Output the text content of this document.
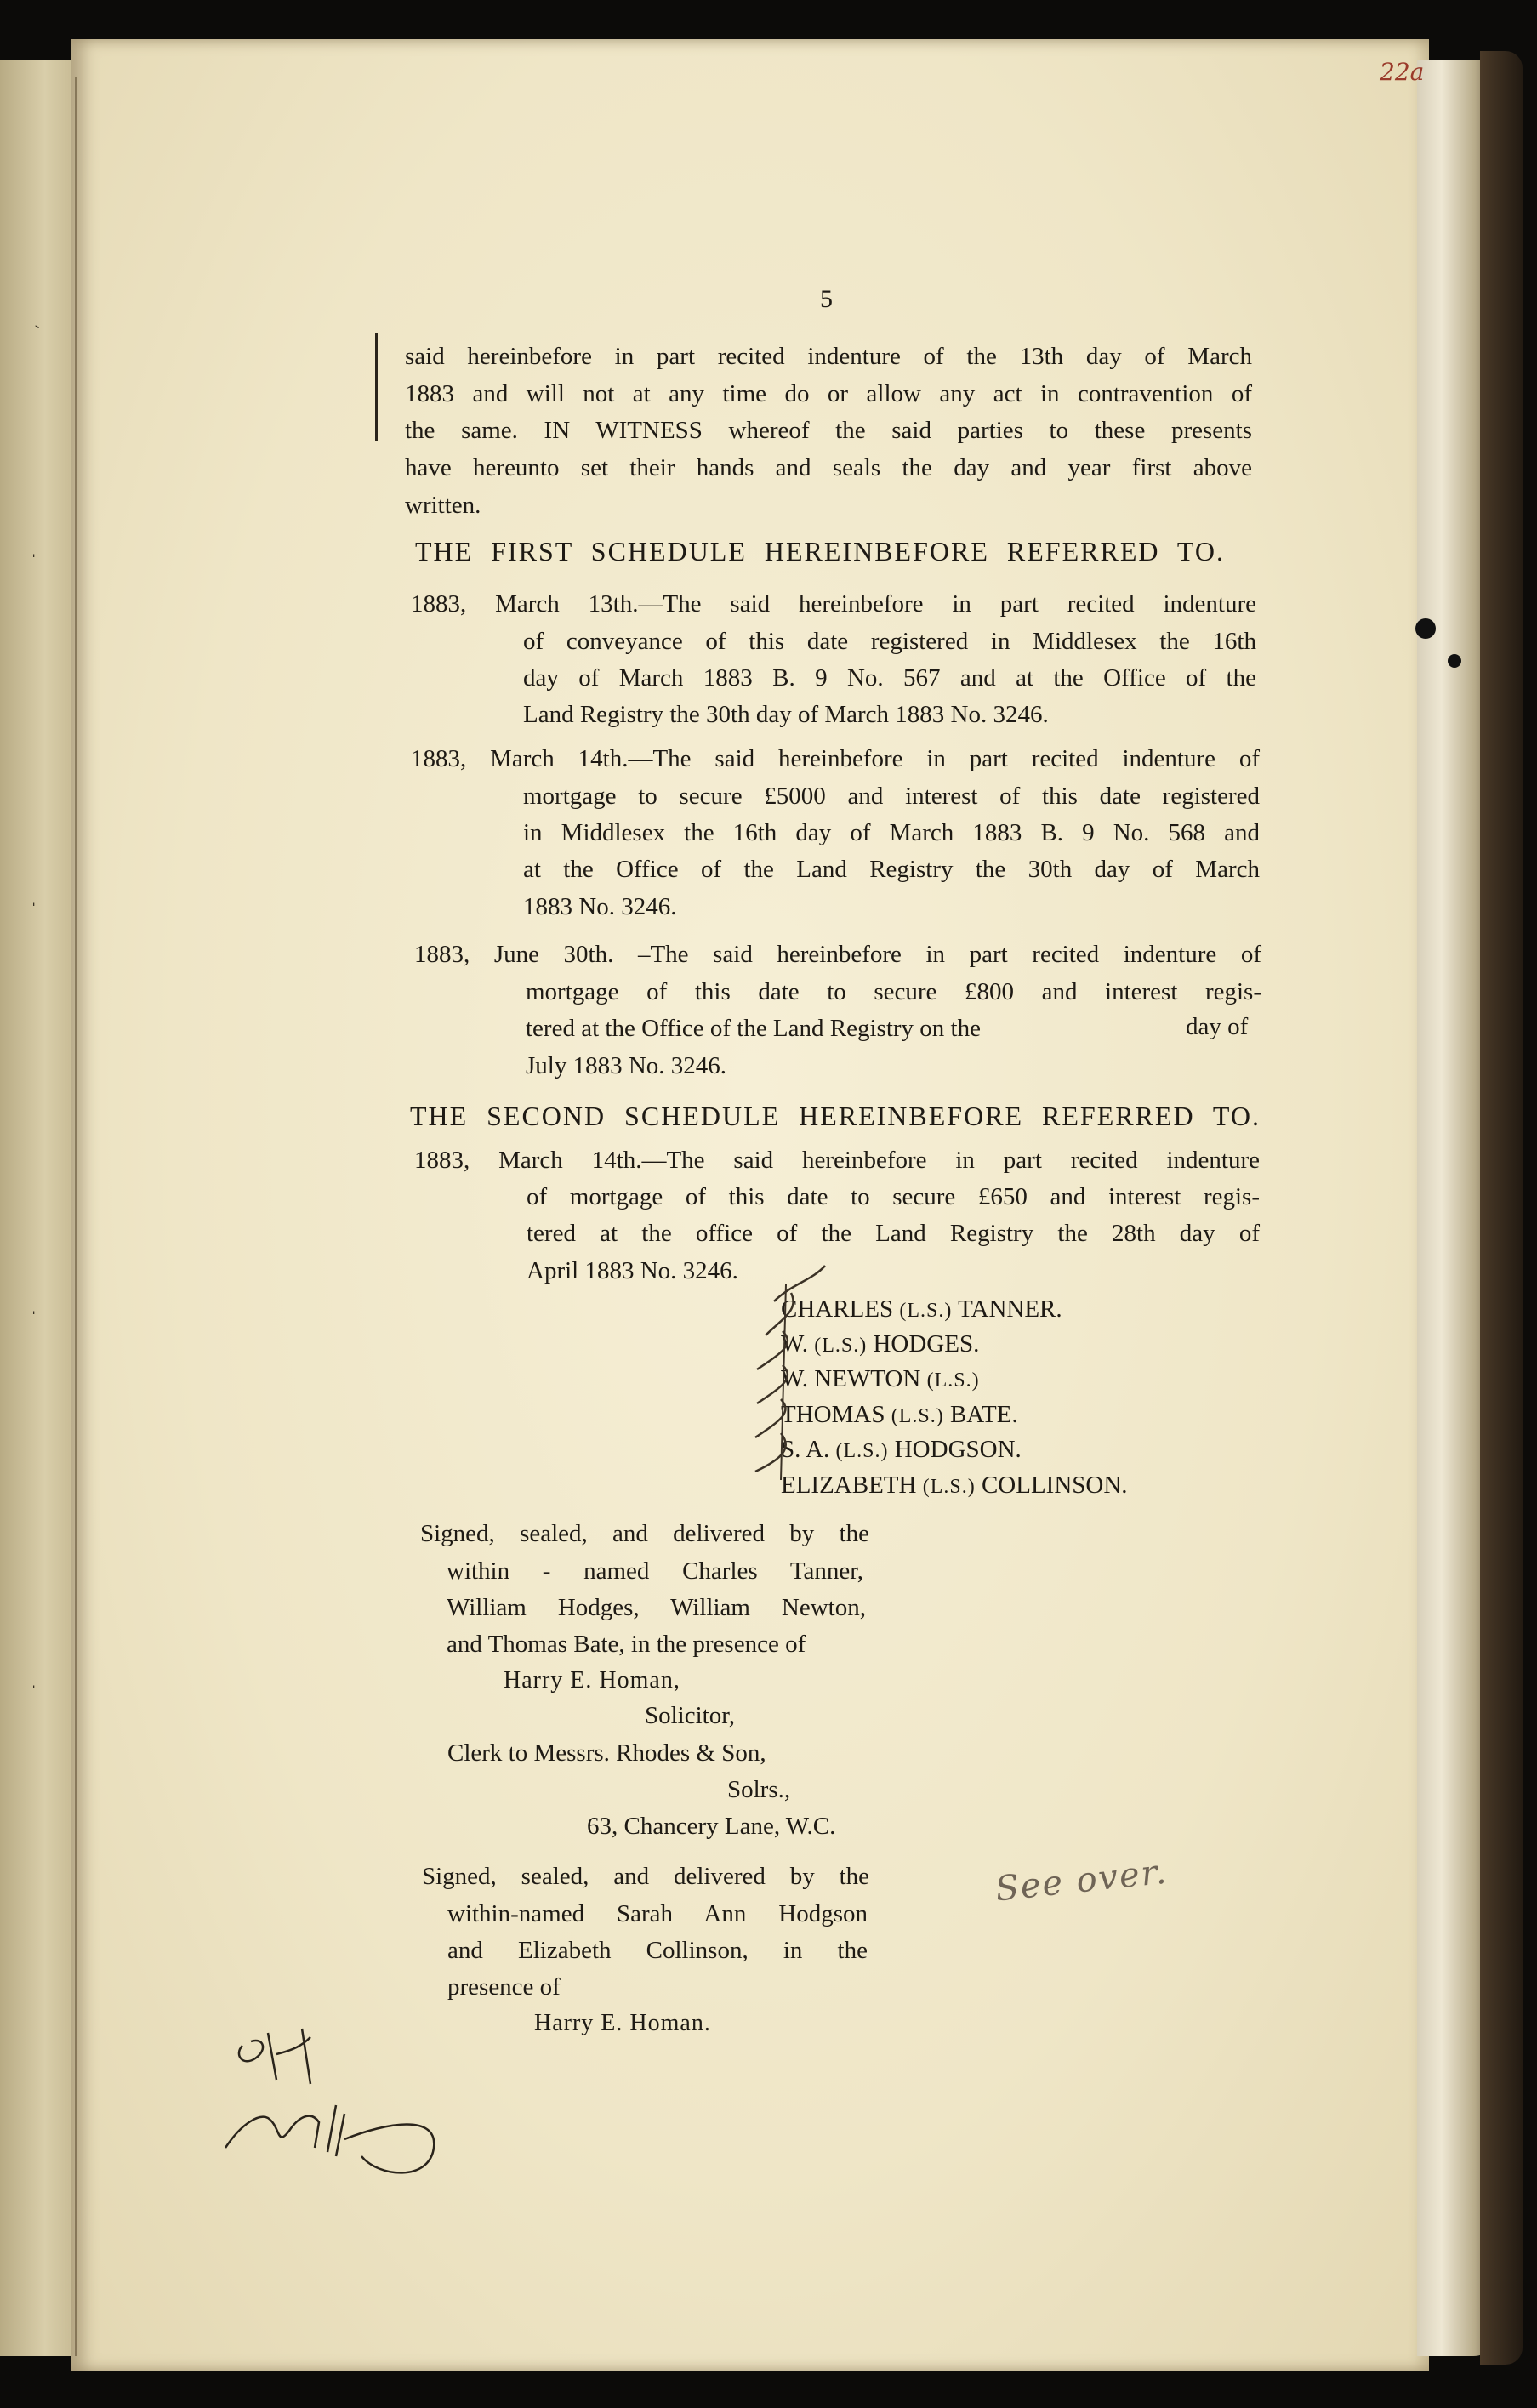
22a
ˋ
ˌ
ˌ
ˌ
ˌ
5
said hereinbefore in part recited indenture of the 13th day of March
1883 and will not at any time do or allow any act in contravention of
the same. IN WITNESS whereof the said parties to these presents
have hereunto set their hands and seals the day and year first above
written.
THE FIRST SCHEDULE HEREINBEFORE REFERRED TO.
1883, March 13th.—The said hereinbefore in part recited indenture
of conveyance of this date registered in Middlesex the 16th
day of March 1883 B. 9 No. 567 and at the Office of the
Land Registry the 30th day of March 1883 No. 3246.
1883, March 14th.—The said hereinbefore in part recited indenture of
mortgage to secure £5000 and interest of this date registered
in Middlesex the 16th day of March 1883 B. 9 No. 568 and
at the Office of the Land Registry the 30th day of March
1883 No. 3246.
1883, June 30th. –The said hereinbefore in part recited indenture of
mortgage of this date to secure £800 and interest regis-
tered at the Office of the Land Registry on the	day of
July 1883 No. 3246.
THE SECOND SCHEDULE HEREINBEFORE REFERRED TO.
1883, March 14th.—The said hereinbefore in part recited indenture
of mortgage of this date to secure £650 and interest regis-
tered at the office of the Land Registry the 28th day of
April 1883 No. 3246.
CHARLES (L.S.) TANNER.
W. (L.S.) HODGES.
W. NEWTON (L.S.)
THOMAS (L.S.) BATE.
S. A. (L.S.) HODGSON.
ELIZABETH (L.S.) COLLINSON.
Signed, sealed, and delivered by the
within - named Charles Tanner,
William Hodges, William Newton,
and Thomas Bate, in the presence of
Harry E. Homan,
Solicitor,
Clerk to Messrs. Rhodes & Son,
Solrs.,
63, Chancery Lane, W.C.
Signed, sealed, and delivered by the
within-named Sarah Ann Hodgson
and Elizabeth Collinson, in the
presence of
Harry E. Homan.
See over.
